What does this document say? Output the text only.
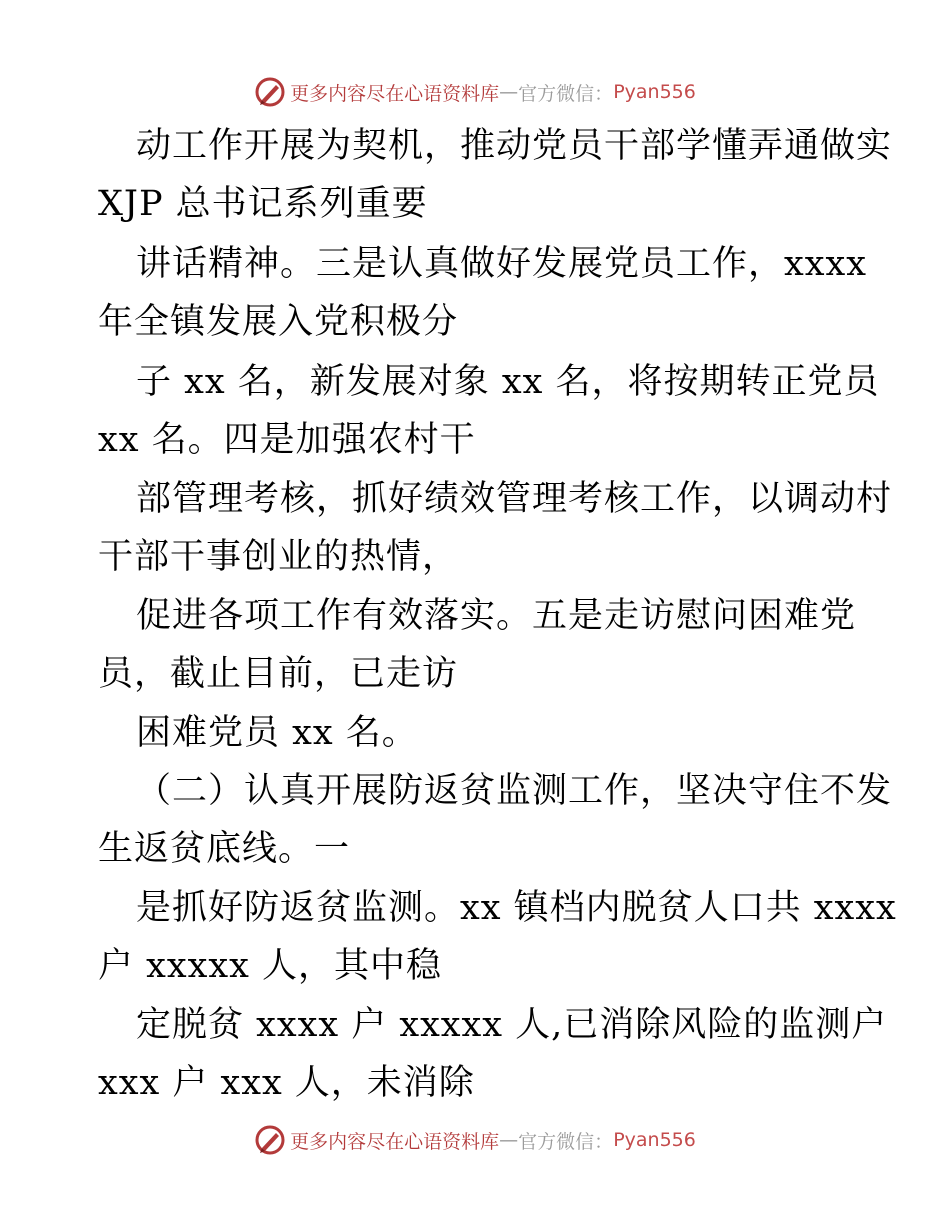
更多内容尽在心语资料库 — 官方微信： Pyan556
动工作开展为契机，推动党员干部学懂弄通做实
XJP 总书记系列重要
讲话精神。三是认真做好发展党员工作，xxxx
年全镇发展入党积极分
子 xx 名，新发展对象 xx 名，将按期转正党员
xx 名。四是加强农村干
部管理考核，抓好绩效管理考核工作，以调动村
干部干事创业的热情，
促进各项工作有效落实。五是走访慰问困难党
员，截止目前，已走访
困难党员 xx 名。
（二）认真开展防返贫监测工作，坚决守住不发
生返贫底线。一
是抓好防返贫监测。xx 镇档内脱贫人口共 xxxx
户 xxxxx 人，其中稳
定脱贫 xxxx 户 xxxxx 人,已消除风险的监测户
xxx 户 xxx 人，未消除
更多内容尽在心语资料库 — 官方微信： Pyan556
